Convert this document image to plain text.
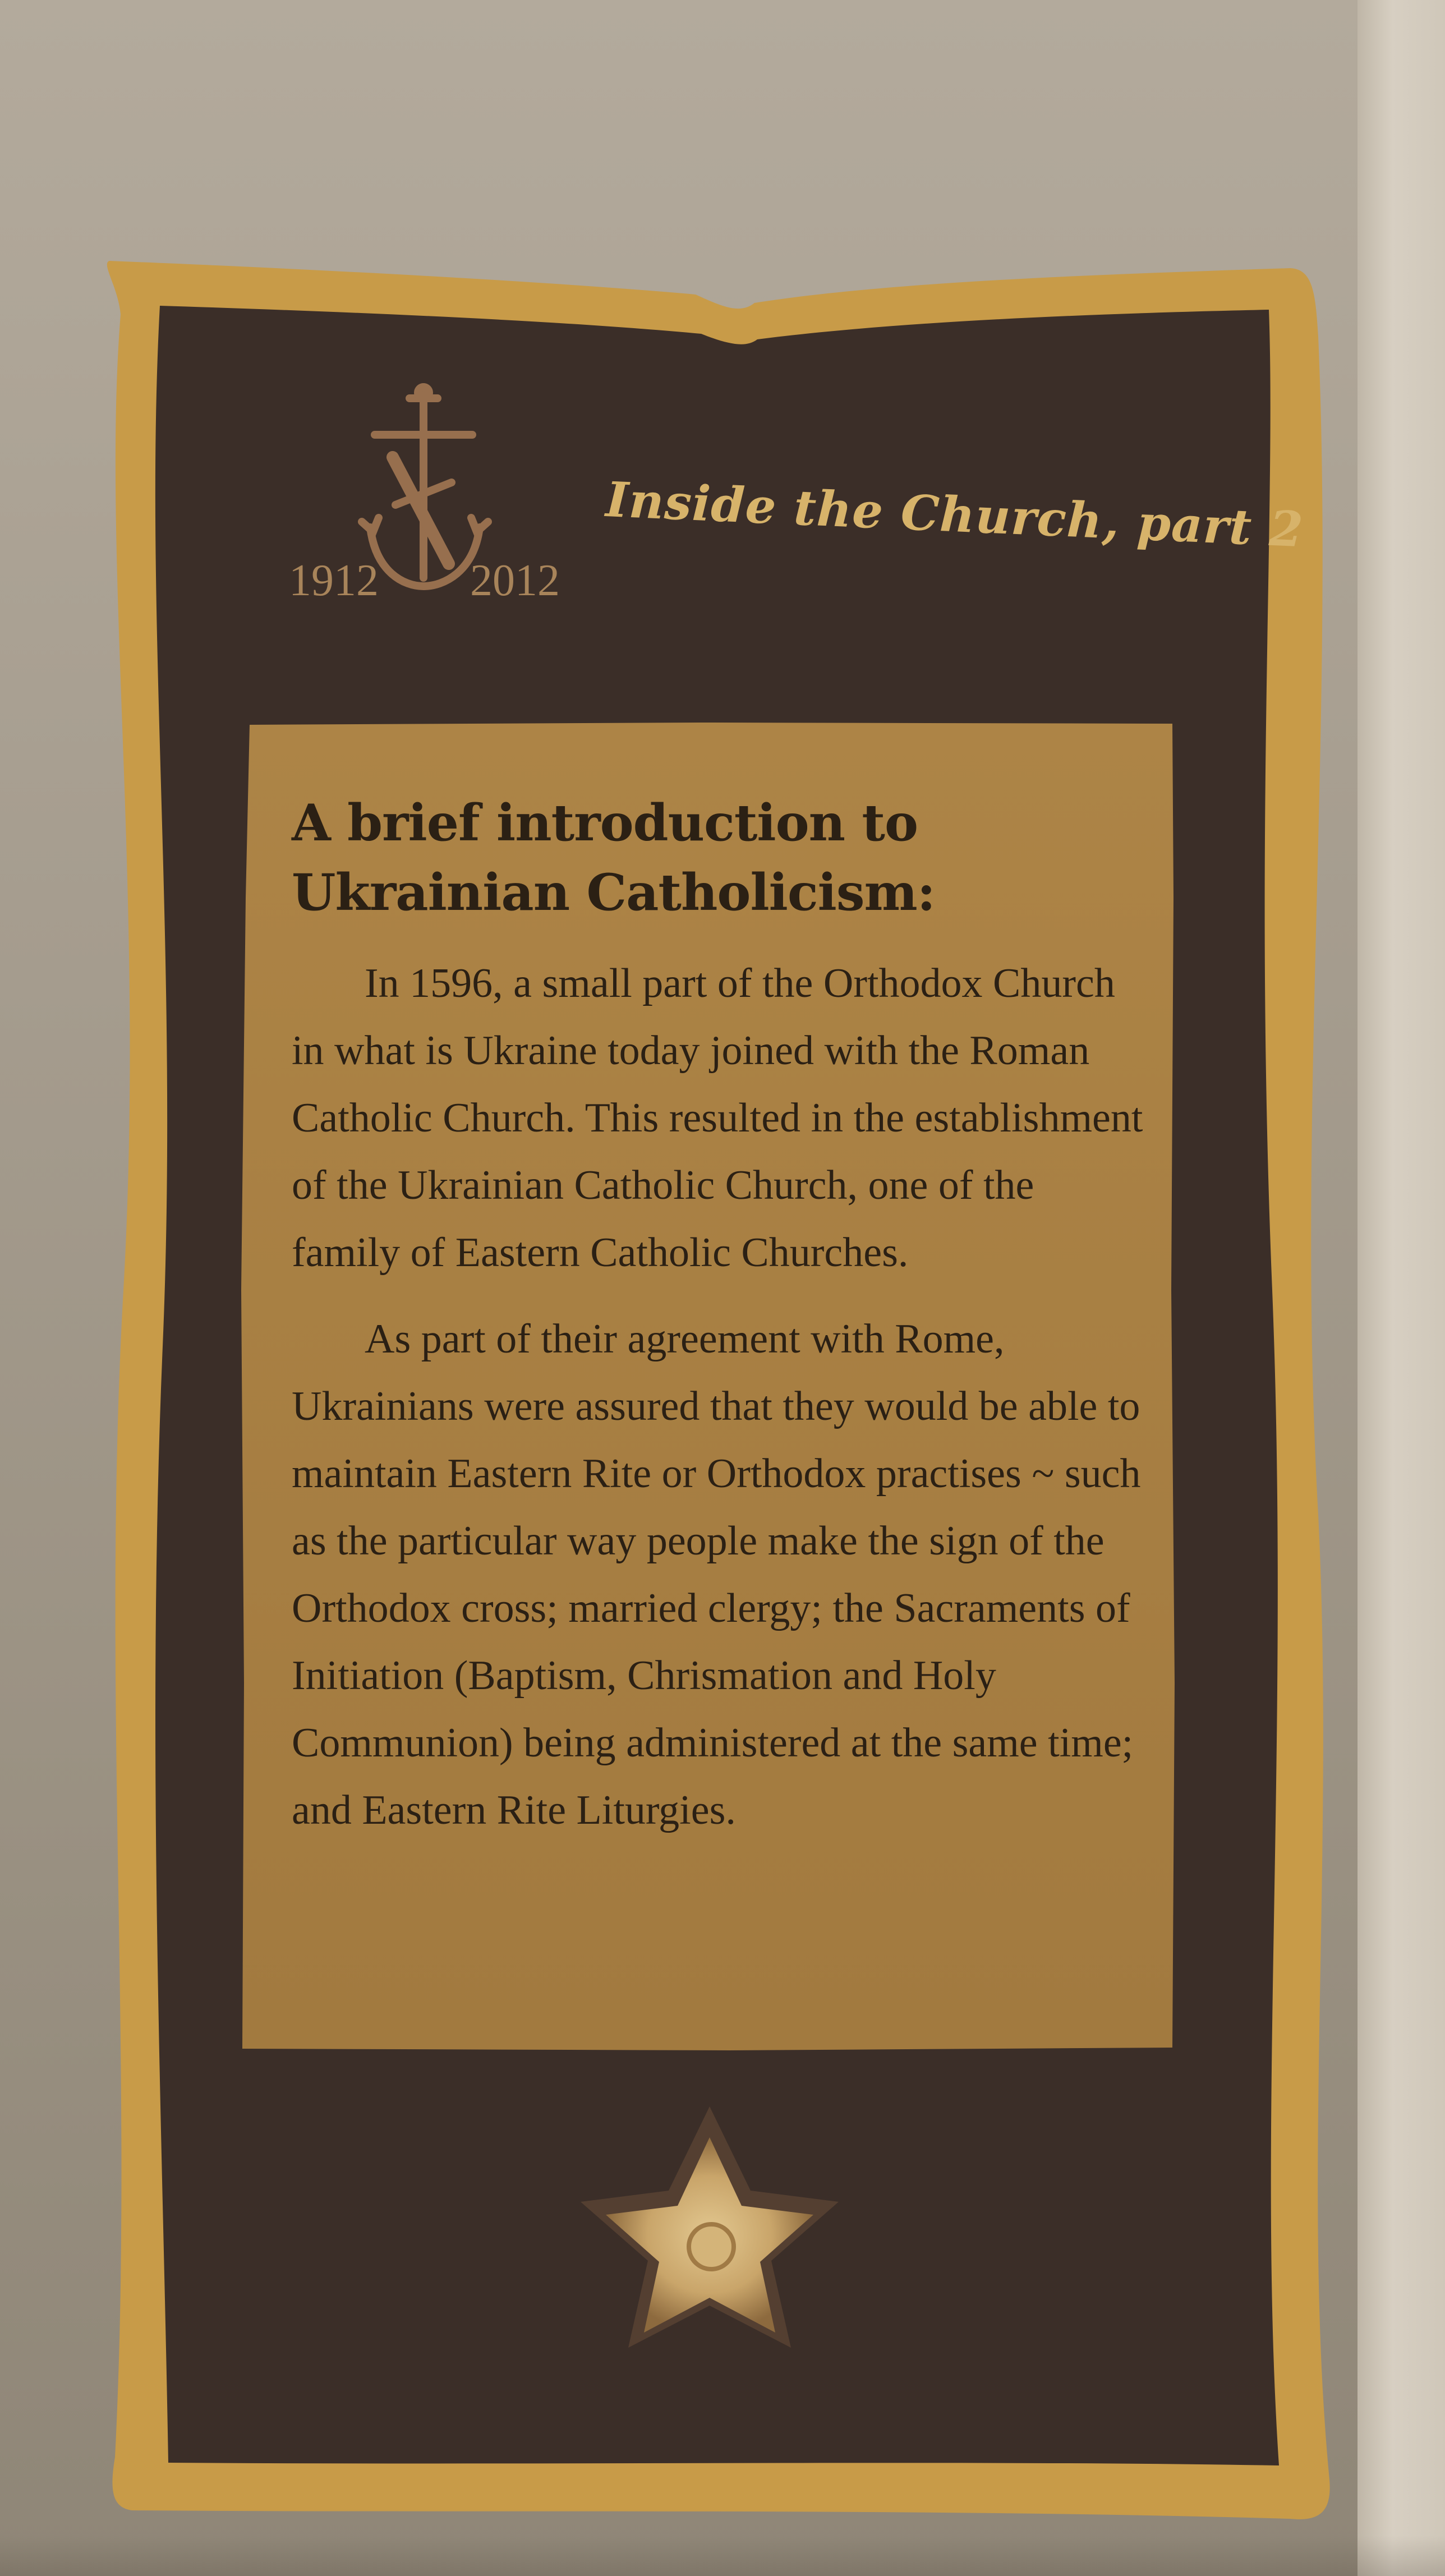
Inside the Church, part 2
1912 2012
A brief introduction to
Ukrainian Catholicism:

In 1596, a small part of the Orthodox Church in what is Ukraine today joined with the Roman Catholic Church. This resulted in the establishment of the Ukrainian Catholic Church, one of the family of Eastern Catholic Churches.

As part of their agreement with Rome, Ukrainians were assured that they would be able to maintain Eastern Rite or Orthodox practises ~ such as the particular way people make the sign of the Orthodox cross; married clergy; the Sacraments of Initiation (Baptism, Chrismation and Holy Communion) being administered at the same time; and Eastern Rite Liturgies.
